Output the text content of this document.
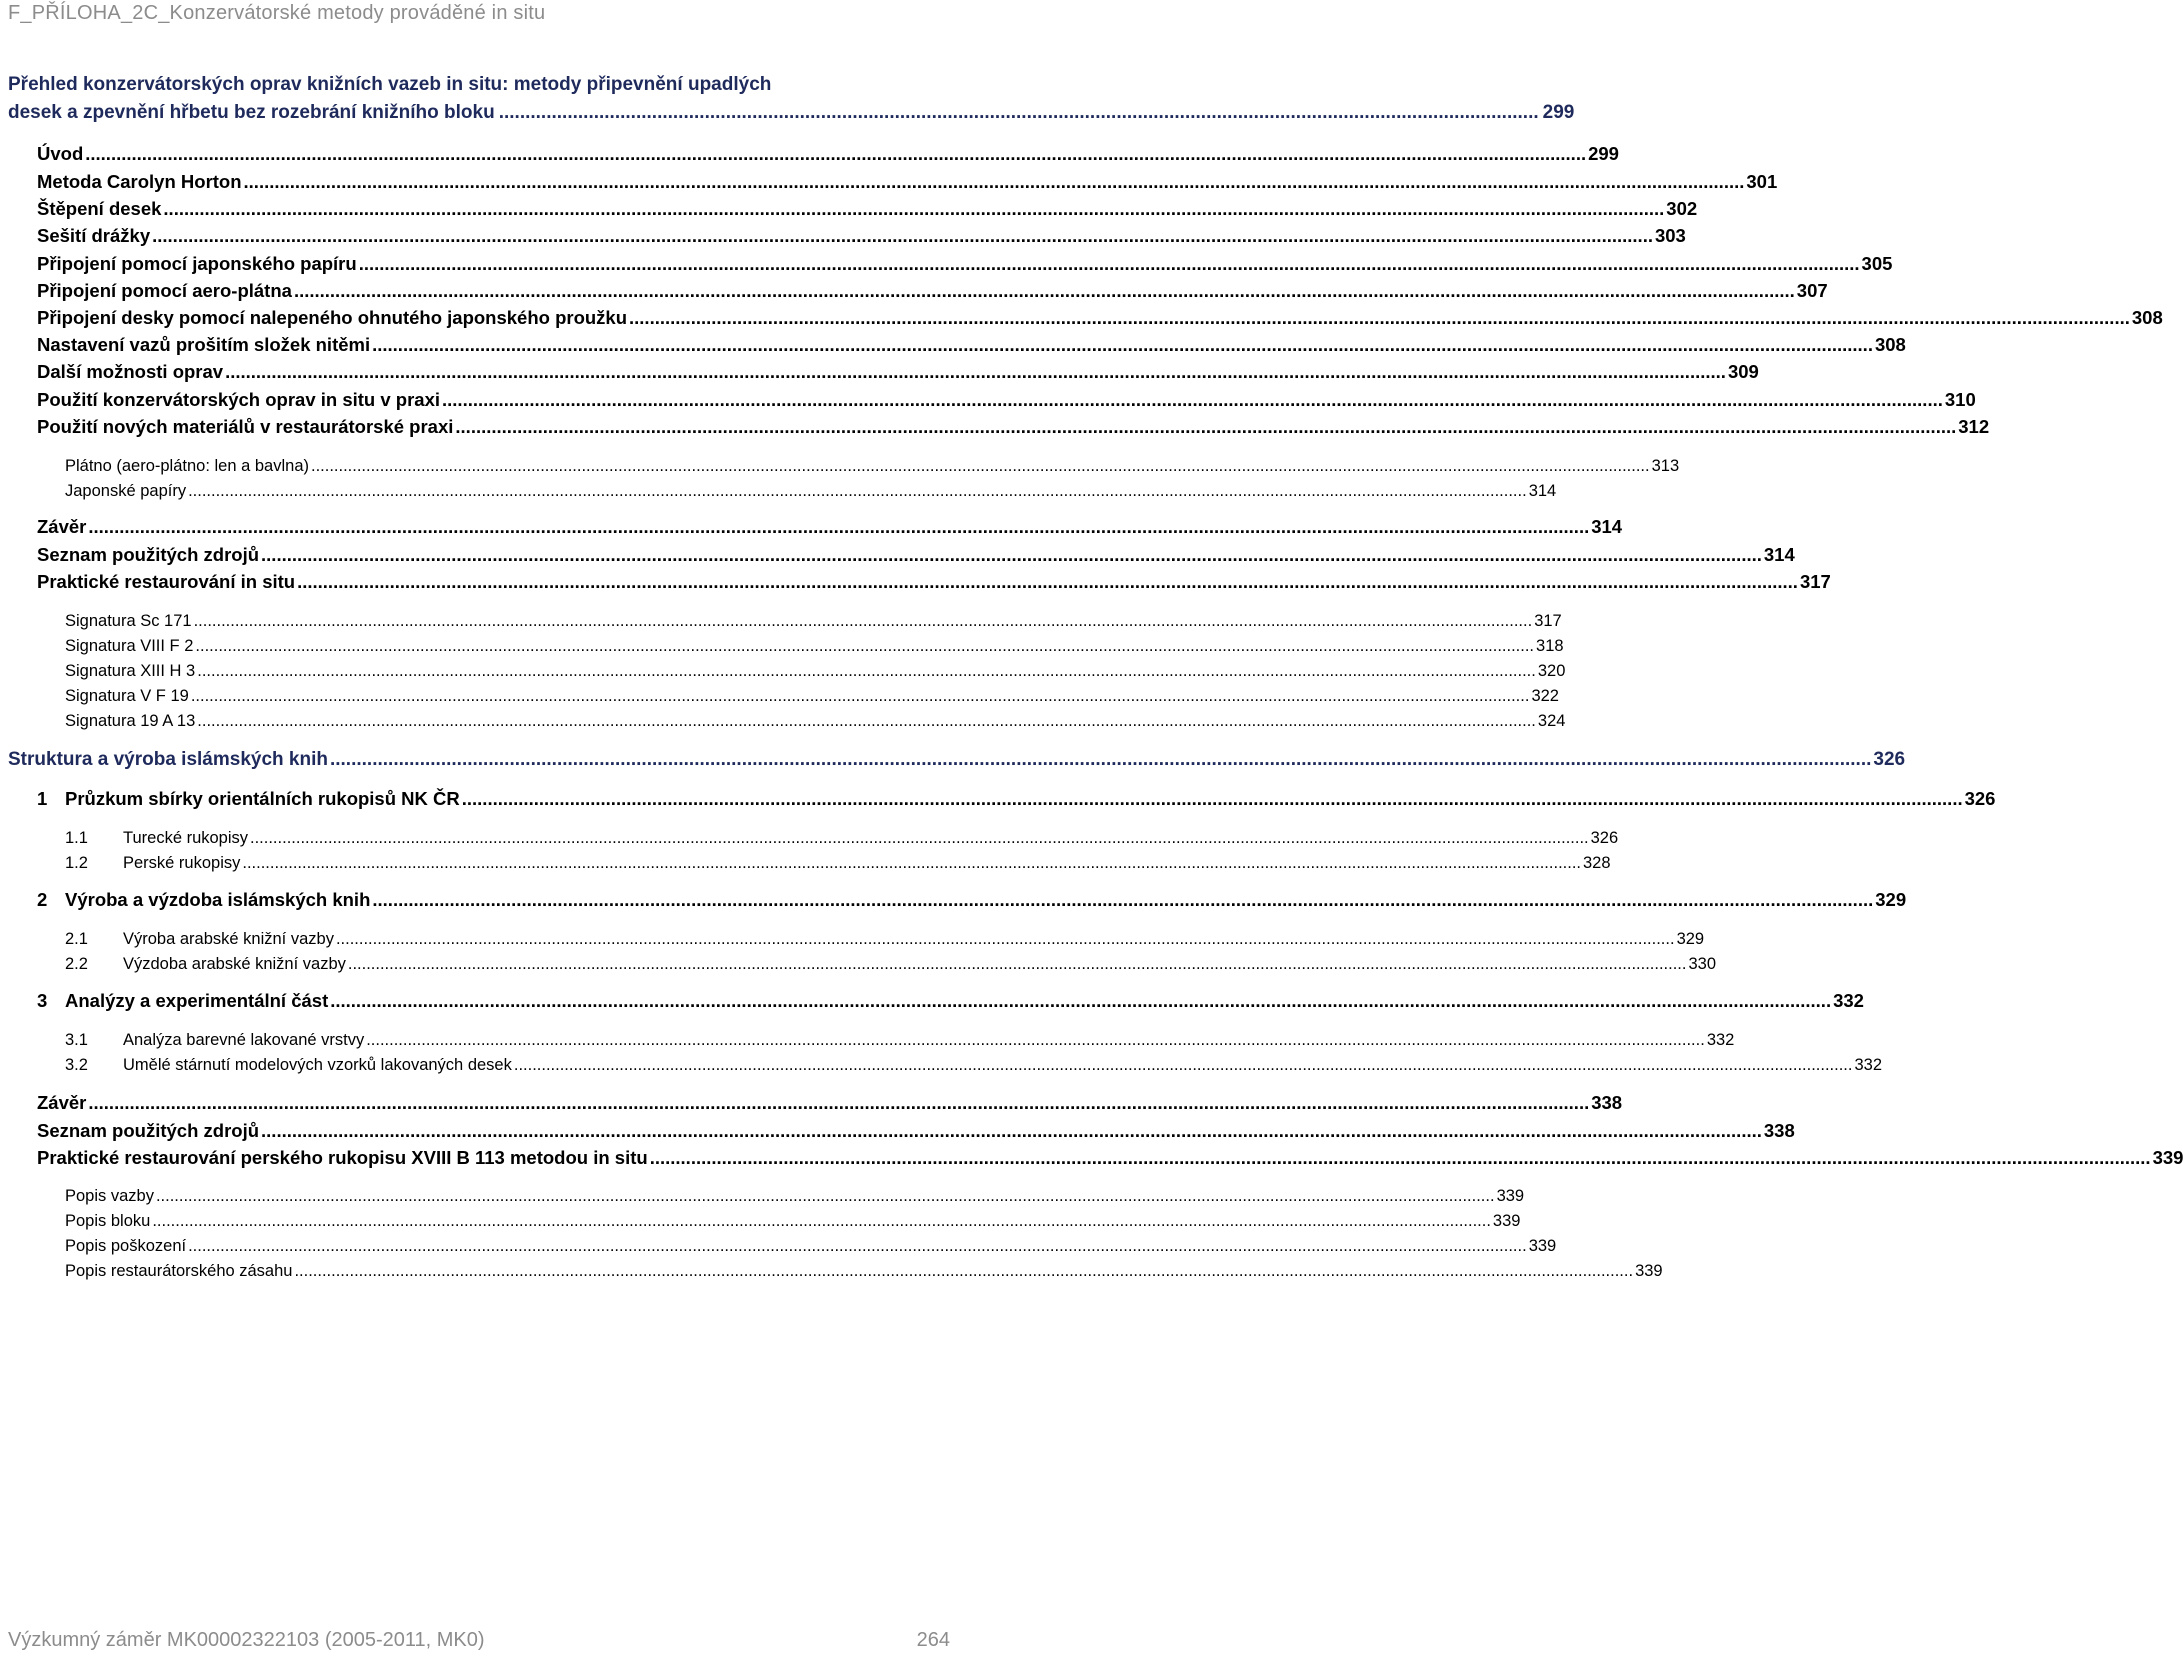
F_PŘÍLOHA_2C_Konzervátorské metody prováděné in situ
Přehled konzervátorských oprav knižních vazeb in situ: metody připevnění upadlých
desek a zpevnění hřbetu bez rozebrání knižního bloku ..................................................................................................................................................................................................... 299
Úvod .....	299
Metoda Carolyn Horton .....	301
Štěpení desek .....	302
Sešití drážky .....	303
Připojení pomocí japonského papíru .....	305
Připojení pomocí aero-plátna .....	307
Připojení desky pomocí nalepeného ohnutého japonského proužku .....	308
Nastavení vazů prošitím složek nitěmi .....	308
Další možnosti oprav .....	309
Použití konzervátorských oprav in situ v praxi .....	310
Použití nových materiálů v restaurátorské praxi .....	312
Plátno (aero-plátno: len a bavlna) .....	313
Japonské papíry .....	314
Závěr .....	314
Seznam použitých zdrojů .....	314
Praktické restaurování in situ .....	317
Signatura Sc 171 .....	317
Signatura VIII F 2 .....	318
Signatura XIII H 3 .....	320
Signatura V F 19 .....	322
Signatura 19 A 13 .....	324
Struktura a výroba islámských knih .....	326
1 Průzkum sbírky orientálních rukopisů NK ČR .....	326
1.1	Turecké rukopisy .....	326
1.2	Perské rukopisy .....	328
2 Výroba a výzdoba islámských knih .....	329
2.1	Výroba arabské knižní vazby .....	329
2.2	Výzdoba arabské knižní vazby .....	330
3 Analýzy a experimentální část .....	332
3.1	Analýza barevné lakované vrstvy .....	332
3.2	Umělé stárnutí modelových vzorků lakovaných desek .....	332
Závěr .....	338
Seznam použitých zdrojů .....	338
Praktické restaurování perského rukopisu XVIII B 113 metodou in situ .....	339
Popis vazby .....	339
Popis bloku .....	339
Popis poškození .....	339
Popis restaurátorského zásahu .....	339
Výzkumný záměr MK00002322103 (2005-2011, MK0)	264
